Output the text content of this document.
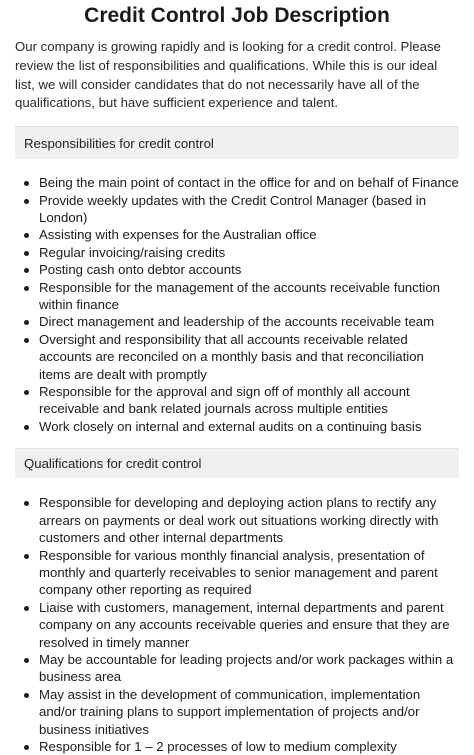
Credit Control Job Description

Our company is growing rapidly and is looking for a credit control. Please review the list of responsibilities and qualifications. While this is our ideal list, we will consider candidates that do not necessarily have all of the qualifications, but have sufficient experience and talent.

Responsibilities for credit control
Being the main point of contact in the office for and on behalf of Finance
Provide weekly updates with the Credit Control Manager (based in London)
Assisting with expenses for the Australian office
Regular invoicing/raising credits
Posting cash onto debtor accounts
Responsible for the management of the accounts receivable function within finance
Direct management and leadership of the accounts receivable team
Oversight and responsibility that all accounts receivable related accounts are reconciled on a monthly basis and that reconciliation items are dealt with promptly
Responsible for the approval and sign off of monthly all account receivable and bank related journals across multiple entities
Work closely on internal and external audits on a continuing basis
Qualifications for credit control
Responsible for developing and deploying action plans to rectify any arrears on payments or deal work out situations working directly with customers and other internal departments
Responsible for various monthly financial analysis, presentation of monthly and quarterly receivables to senior management and parent company other reporting as required
Liaise with customers, management, internal departments and parent company on any accounts receivable queries and ensure that they are resolved in timely manner
May be accountable for leading projects and/or work packages within a business area
May assist in the development of communication, implementation and/or training plans to support implementation of projects and/or business initiatives
Responsible for 1 – 2 processes of low to medium complexity
